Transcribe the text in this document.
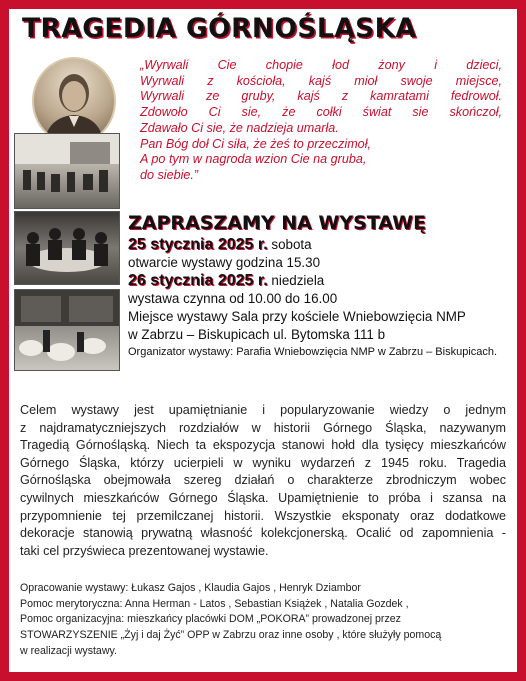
TRAGEDIA GÓRNOŚLĄSKA
„Wyrwali Cie chopie łod żony i dzieci,
Wyrwali z kościoła, kajś mioł swoje miejsce,
Wyrwali ze gruby, kajś z kamratami fedrowoł.
Zdowoło Ci sie, że cołki świat sie skończoł,
Zdawało Ci sie, że nadzieja umarła.
Pan Bóg doł Ci siła, że żeś to przeczimoł,
A po tym w nagroda wzion Cie na gruba,
do siebie.”
ZAPRASZAMY NA WYSTAWĘ
25 stycznia 2025 r. sobota
otwarcie wystawy godzina 15.30
26 stycznia 2025 r. niedziela
wystawa czynna od 10.00 do 16.00
Miejsce wystawy Sala przy kościele Wniebowzięcia NMP
w Zabrzu – Biskupicach ul. Bytomska 111 b
Organizator wystawy: Parafia Wniebowzięcia NMP w Zabrzu – Biskupicach.
Celem wystawy jest upamiętnianie i popularyzowanie wiedzy o jednym
z najdramatyczniejszych rozdziałów w historii Górnego Śląska, nazywanym
Tragedią Górnośląską. Niech ta ekspozycja stanowi hołd dla tysięcy mieszkańców
Górnego Śląska, którzy ucierpieli w wyniku wydarzeń z 1945 roku. Tragedia
Górnośląska obejmowała szereg działań o charakterze zbrodniczym wobec
cywilnych mieszkańców Górnego Śląska. Upamiętnienie to próba i szansa na
przypomnienie tej przemilczanej historii. Wszystkie eksponaty oraz dodatkowe
dekoracje stanowią prywatną własność kolekcjonerską. Ocalić od zapomnienia -
taki cel przyświeca prezentowanej wystawie.
Opracowanie wystawy: Łukasz Gajos , Klaudia Gajos , Henryk Dziambor
Pomoc merytoryczna: Anna Herman - Latos , Sebastian Książek , Natalia Gozdek ,
Pomoc organizacyjna: mieszkańcy placówki DOM „POKORA” prowadzonej przez
STOWARZYSZENIE „Żyj i daj Żyć” OPP w Zabrzu oraz inne osoby , które służyły pomocą
w realizacji wystawy.
